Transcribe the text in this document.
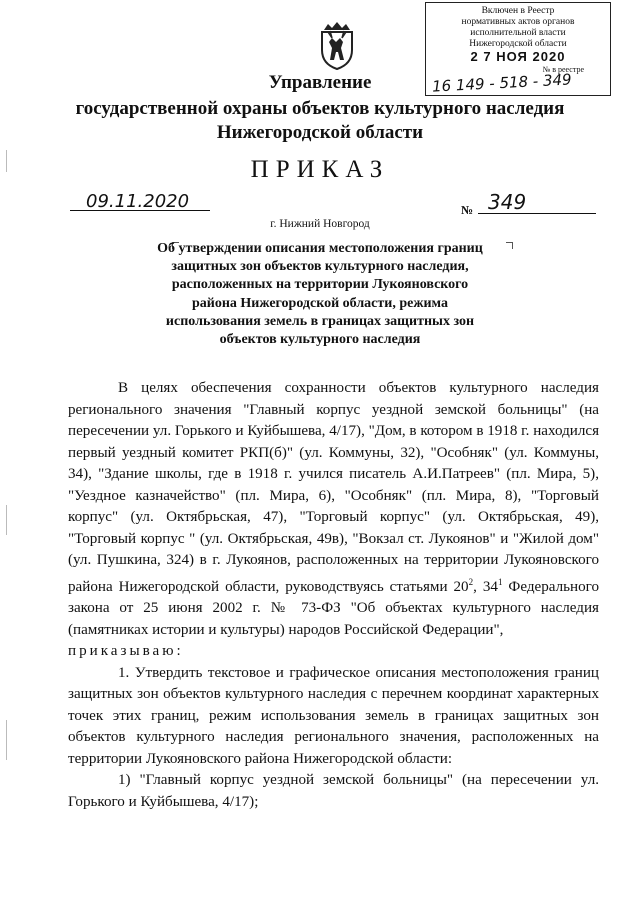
Включен в Реестр
нормативных актов органов
исполнительной власти
Нижегородской области
2 7 НОЯ 2020
№ в реестре
16 149 - 518 - 349
Управление
государственной охраны объектов культурного наследия
Нижегородской области
ПРИКАЗ
09.11.2020	№ 349
г. Нижний Новгород
Об утверждении описания местоположения границ защитных зон объектов культурного наследия, расположенных на территории Лукояновского района Нижегородской области, режима использования земель в границах защитных зон объектов культурного наследия

В целях обеспечения сохранности объектов культурного наследия регионального значения "Главный корпус уездной земской больницы" (на пересечении ул. Горького и Куйбышева, 4/17), "Дом, в котором в 1918 г. находился первый уездный комитет РКП(б)" (ул. Коммуны, 32), "Особняк" (ул. Коммуны, 34), "Здание школы, где в 1918 г. учился писатель А.И.Патреев" (пл. Мира, 5), "Уездное казначейство" (пл. Мира, 6), "Особняк" (пл. Мира, 8), "Торговый корпус" (ул. Октябрьская, 47), "Торговый корпус" (ул. Октябрьская, 49), "Торговый корпус " (ул. Октябрьская, 49в), "Вокзал ст. Лукоянов" и "Жилой дом" (ул. Пушкина, 324) в г. Лукоянов, расположенных на территории Лукояновского района Нижегородской области, руководствуясь статьями $20^2$, $34^1$ Федерального закона от 25 июня 2002 г. № 73-ФЗ "Об объектах культурного наследия (памятниках истории и культуры) народов Российской Федерации",

приказываю:

1. Утвердить текстовое и графическое описания местоположения границ защитных зон объектов культурного наследия с перечнем координат характерных точек этих границ, режим использования земель в границах защитных зон объектов культурного наследия регионального значения, расположенных на территории Лукояновского района Нижегородской области:

1) "Главный корпус уездной земской больницы" (на пересечении ул. Горького и Куйбышева, 4/17);
